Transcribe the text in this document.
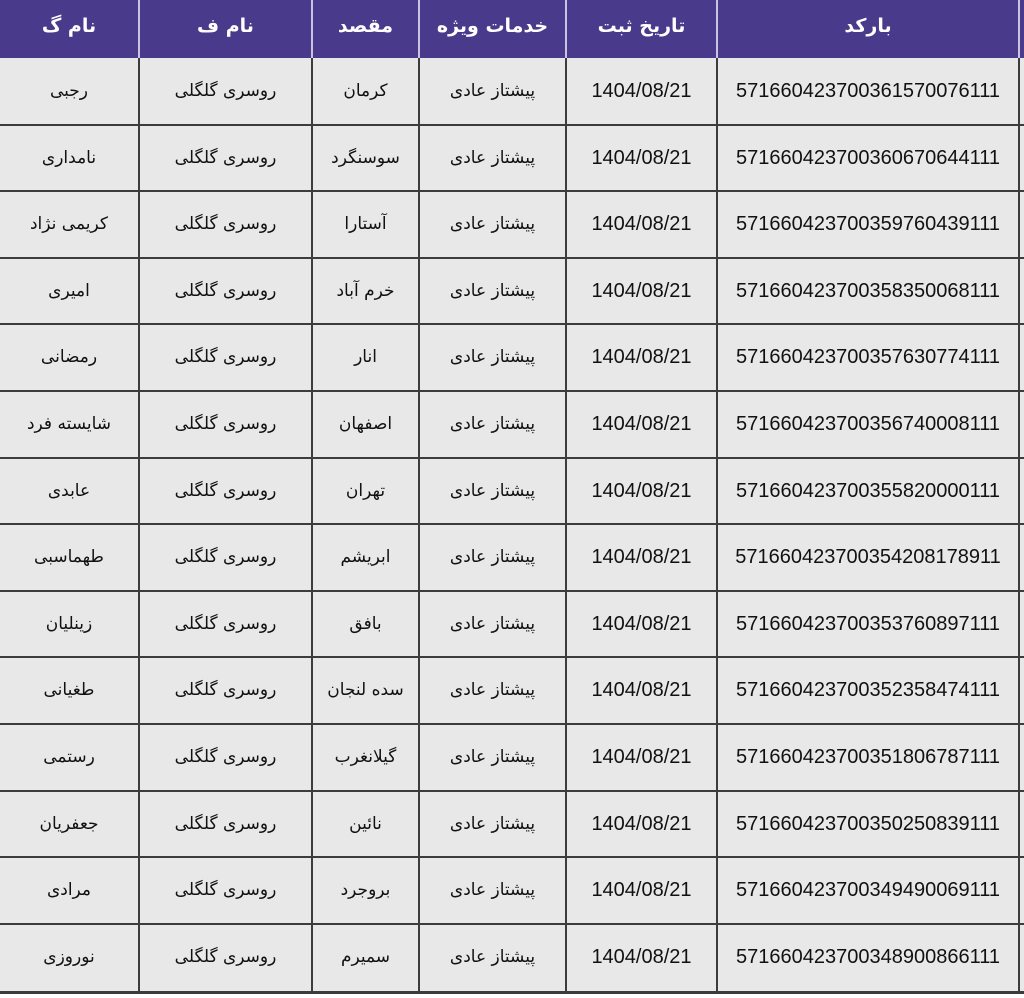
نام گ	نام ف	مقصد	خدمات ویژه	تاریخ ثبت	بارکد
رجبی	روسری گلگلی	کرمان	پیشتاز عادی	1404/08/21	571660423700361570076111
نامداری	روسری گلگلی	سوسنگرد	پیشتاز عادی	1404/08/21	571660423700360670644111
کریمی نژاد	روسری گلگلی	آستارا	پیشتاز عادی	1404/08/21	571660423700359760439111
امیری	روسری گلگلی	خرم آباد	پیشتاز عادی	1404/08/21	571660423700358350068111
رمضانی	روسری گلگلی	انار	پیشتاز عادی	1404/08/21	571660423700357630774111
شایسته فرد	روسری گلگلی	اصفهان	پیشتاز عادی	1404/08/21	571660423700356740008111
عابدی	روسری گلگلی	تهران	پیشتاز عادی	1404/08/21	571660423700355820000111
طهماسبی	روسری گلگلی	ابریشم	پیشتاز عادی	1404/08/21	571660423700354208178911
زینلیان	روسری گلگلی	بافق	پیشتاز عادی	1404/08/21	571660423700353760897111
طغیانی	روسری گلگلی	سده لنجان	پیشتاز عادی	1404/08/21	571660423700352358474111
رستمی	روسری گلگلی	گیلانغرب	پیشتاز عادی	1404/08/21	571660423700351806787111
جعفریان	روسری گلگلی	نائین	پیشتاز عادی	1404/08/21	571660423700350250839111
مرادی	روسری گلگلی	بروجرد	پیشتاز عادی	1404/08/21	571660423700349490069111
نوروزی	روسری گلگلی	سمیرم	پیشتاز عادی	1404/08/21	571660423700348900866111
